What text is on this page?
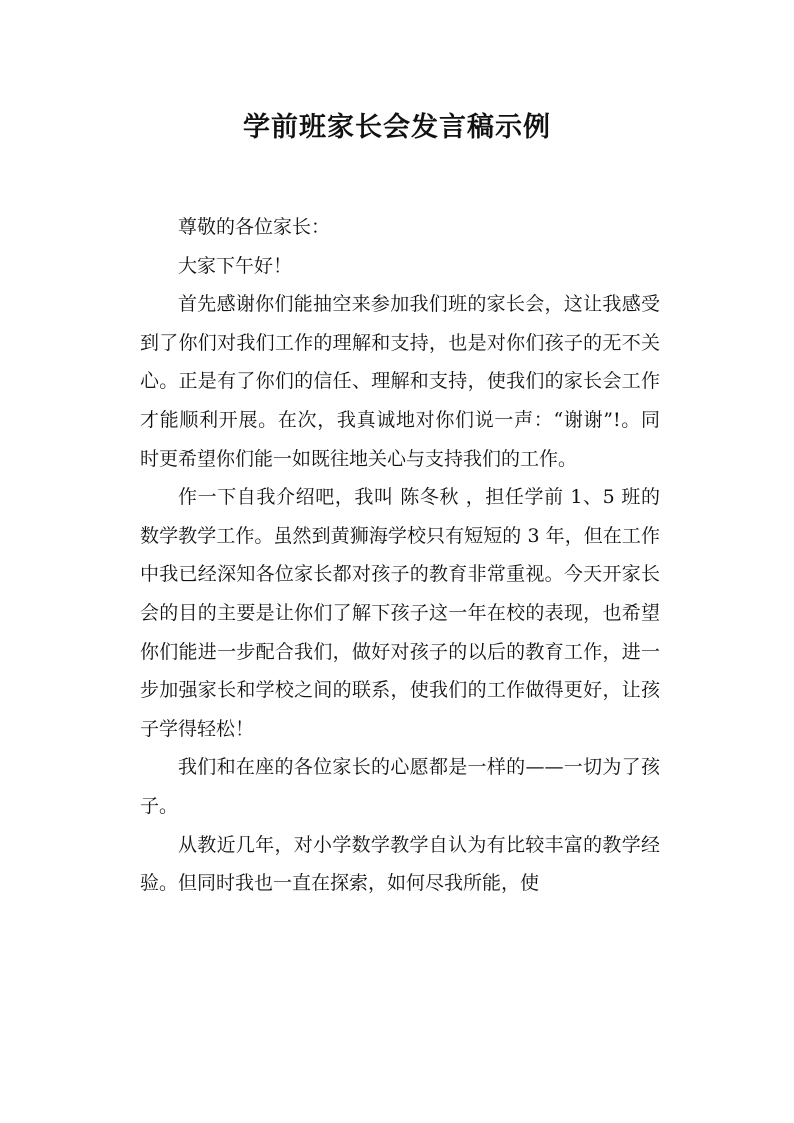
学前班家长会发言稿示例

尊敬的各位家长：

大家下午好！

首先感谢你们能抽空来参加我们班的家长会，这让我感受到了你们对我们工作的理解和支持，也是对你们孩子的无不关心。正是有了你们的信任、理解和支持，使我们的家长会工作才能顺利开展。在次，我真诚地对你们说一声：“谢谢”!。同时更希望你们能一如既往地关心与支持我们的工作。

作一下自我介绍吧，我叫 陈冬秋 ，担任学前 1、5 班的数学教学工作。虽然到黄狮海学校只有短短的 3 年，但在工作中我已经深知各位家长都对孩子的教育非常重视。今天开家长会的目的主要是让你们了解下孩子这一年在校的表现，也希望你们能进一步配合我们，做好对孩子的以后的教育工作，进一步加强家长和学校之间的联系，使我们的工作做得更好，让孩子学得轻松！

我们和在座的各位家长的心愿都是一样的——一切为了孩子。

从教近几年，对小学数学教学自认为有比较丰富的教学经验。但同时我也一直在探索，如何尽我所能，使
